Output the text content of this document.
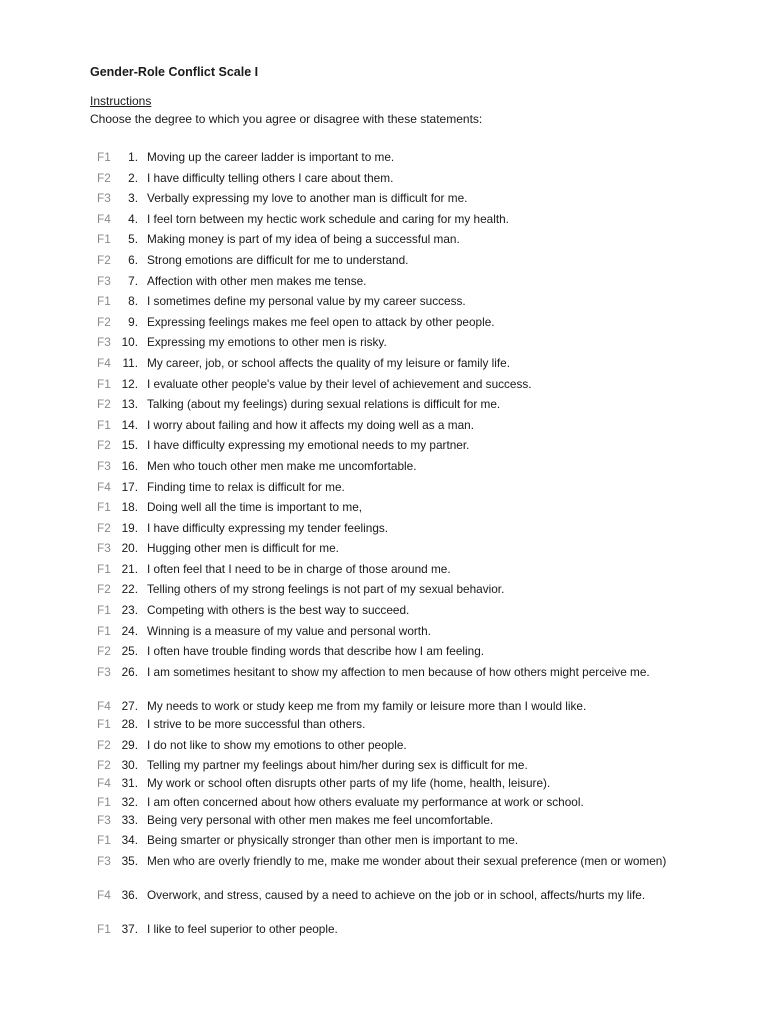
Gender-Role Conflict Scale I
Instructions
Choose the degree to which you agree or disagree with these statements:
F1	1. Moving up the career ladder is important to me.
F2	2. I have difficulty telling others I care about them.
F3	3. Verbally expressing my love to another man is difficult for me.
F4	4. I feel torn between my hectic work schedule and caring for my health.
F1	5. Making money is part of my idea of being a successful man.
F2	6. Strong emotions are difficult for me to understand.
F3	7. Affection with other men makes me tense.
F1	8. I sometimes define my personal value by my career success.
F2	9. Expressing feelings makes me feel open to attack by other people.
F3 10. Expressing my emotions to other men is risky.
F4 11. My career, job, or school affects the quality of my leisure or family life.
F1 12. I evaluate other people's value by their level of achievement and success.
F2 13. Talking (about my feelings) during sexual relations is difficult for me.
F1 14. I worry about failing and how it affects my doing well as a man.
F2 15. I have difficulty expressing my emotional needs to my partner.
F3 16. Men who touch other men make me uncomfortable.
F4 17. Finding time to relax is difficult for me.
F1 18. Doing well all the time is important to me,
F2 19. I have difficulty expressing my tender feelings.
F3 20. Hugging other men is difficult for me.
F1 21. I often feel that I need to be in charge of those around me.
F2 22. Telling others of my strong feelings is not part of my sexual behavior.
F1 23. Competing with others is the best way to succeed.
F1 24. Winning is a measure of my value and personal worth.
F2 25. I often have trouble finding words that describe how I am feeling.
F3 26. I am sometimes hesitant to show my affection to men because of how others might perceive me.
F4 27. My needs to work or study keep me from my family or leisure more than I would like.
F1 28. I strive to be more successful than others.
F2 29. I do not like to show my emotions to other people.
F2 30. Telling my partner my feelings about him/her during sex is difficult for me.
F4 31. My work or school often disrupts other parts of my life (home, health, leisure).
F1 32. I am often concerned about how others evaluate my performance at work or school.
F3 33. Being very personal with other men makes me feel uncomfortable.
F1 34. Being smarter or physically stronger than other men is important to me.
F3 35. Men who are overly friendly to me, make me wonder about their sexual preference (men or women)
F4 36. Overwork, and stress, caused by a need to achieve on the job or in school, affects/hurts my life.
F1 37. I like to feel superior to other people.
